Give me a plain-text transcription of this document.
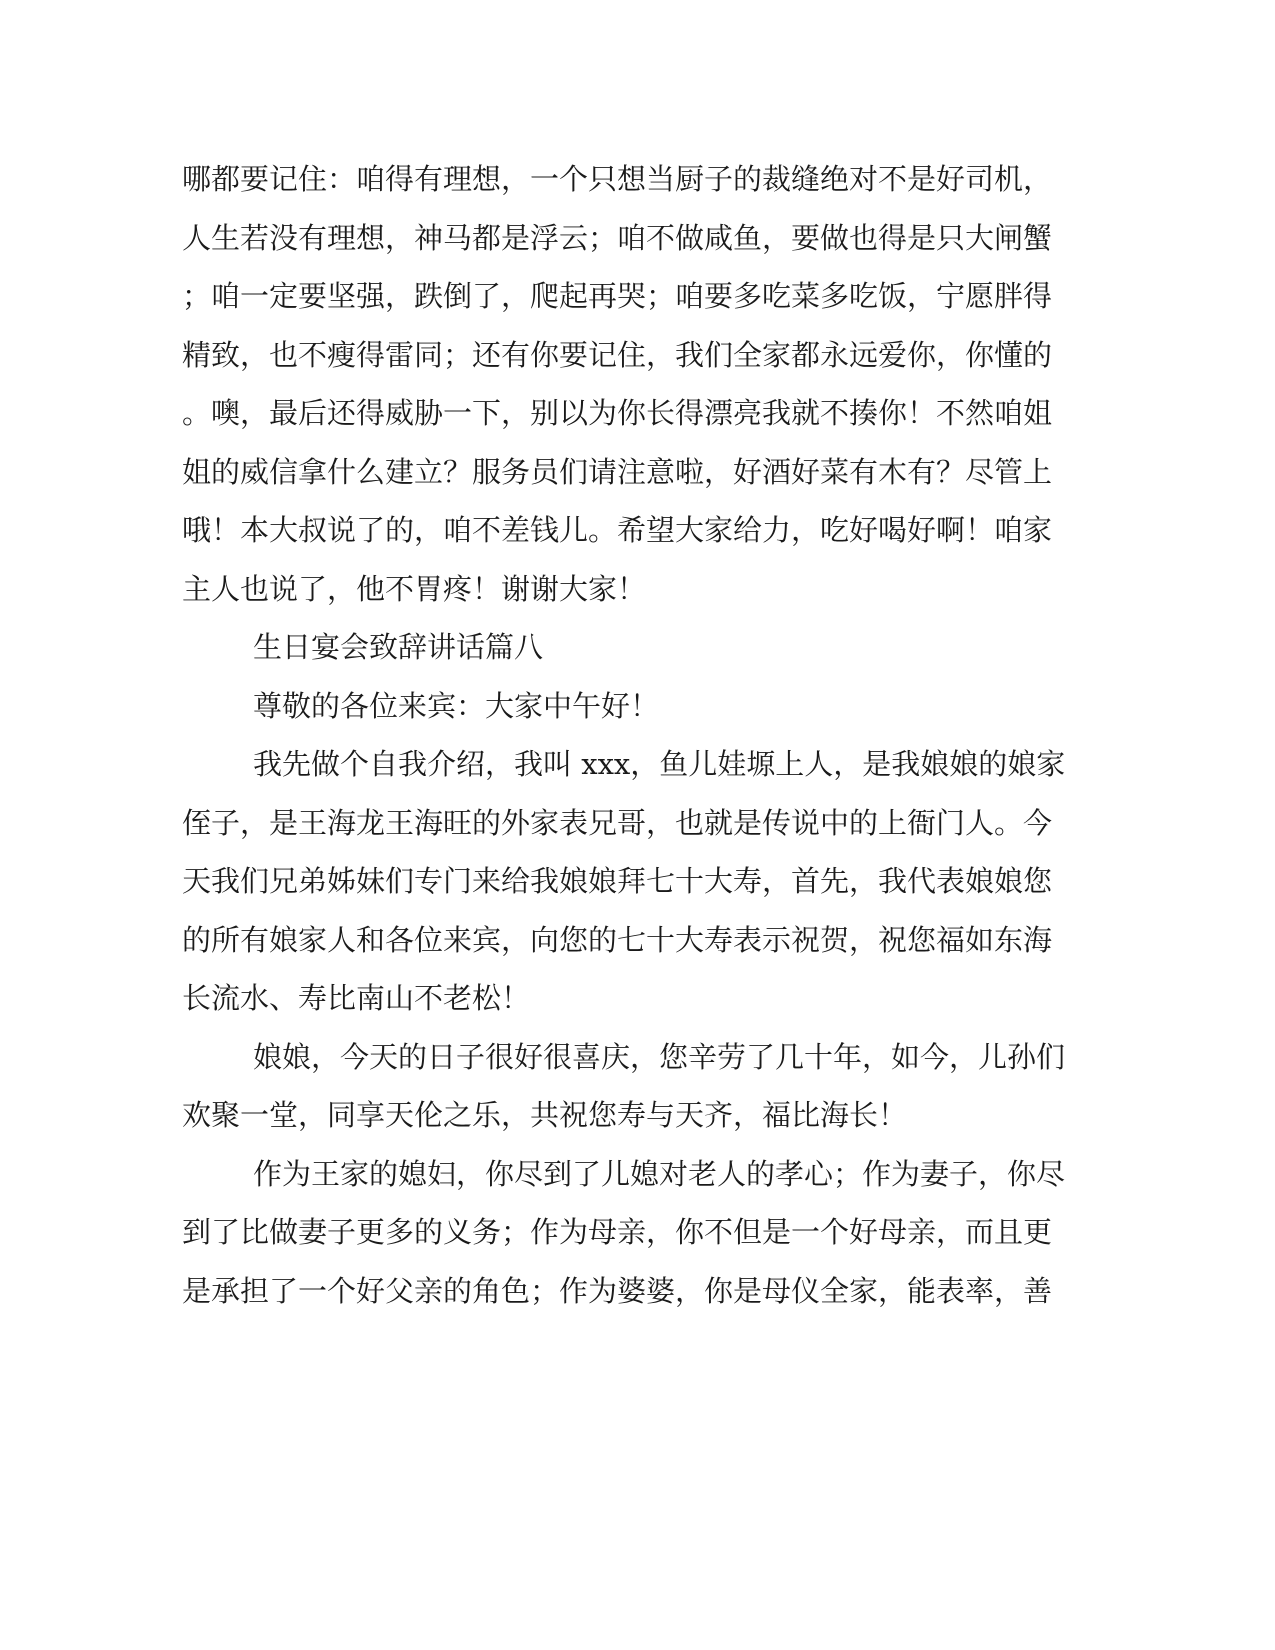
哪都要记住：咱得有理想，一个只想当厨子的裁缝绝对不是好司机，
人生若没有理想，神马都是浮云；咱不做咸鱼，要做也得是只大闸蟹
；咱一定要坚强，跌倒了，爬起再哭；咱要多吃菜多吃饭，宁愿胖得
精致，也不瘦得雷同；还有你要记住，我们全家都永远爱你，你懂的
。噢，最后还得威胁一下，别以为你长得漂亮我就不揍你！不然咱姐
姐的威信拿什么建立？服务员们请注意啦，好酒好菜有木有？尽管上
哦！本大叔说了的，咱不差钱儿。希望大家给力，吃好喝好啊！咱家
主人也说了，他不胃疼！谢谢大家！
生日宴会致辞讲话篇八
尊敬的各位来宾：大家中午好！
我先做个自我介绍，我叫 xxx，鱼儿娃塬上人，是我娘娘的娘家
侄子，是王海龙王海旺的外家表兄哥，也就是传说中的上衙门人。今
天我们兄弟姊妹们专门来给我娘娘拜七十大寿，首先，我代表娘娘您
的所有娘家人和各位来宾，向您的七十大寿表示祝贺，祝您福如东海
长流水、寿比南山不老松！
娘娘，今天的日子很好很喜庆，您辛劳了几十年，如今，儿孙们
欢聚一堂，同享天伦之乐，共祝您寿与天齐，福比海长！
作为王家的媳妇，你尽到了儿媳对老人的孝心；作为妻子，你尽
到了比做妻子更多的义务；作为母亲，你不但是一个好母亲，而且更
是承担了一个好父亲的角色；作为婆婆，你是母仪全家，能表率，善
